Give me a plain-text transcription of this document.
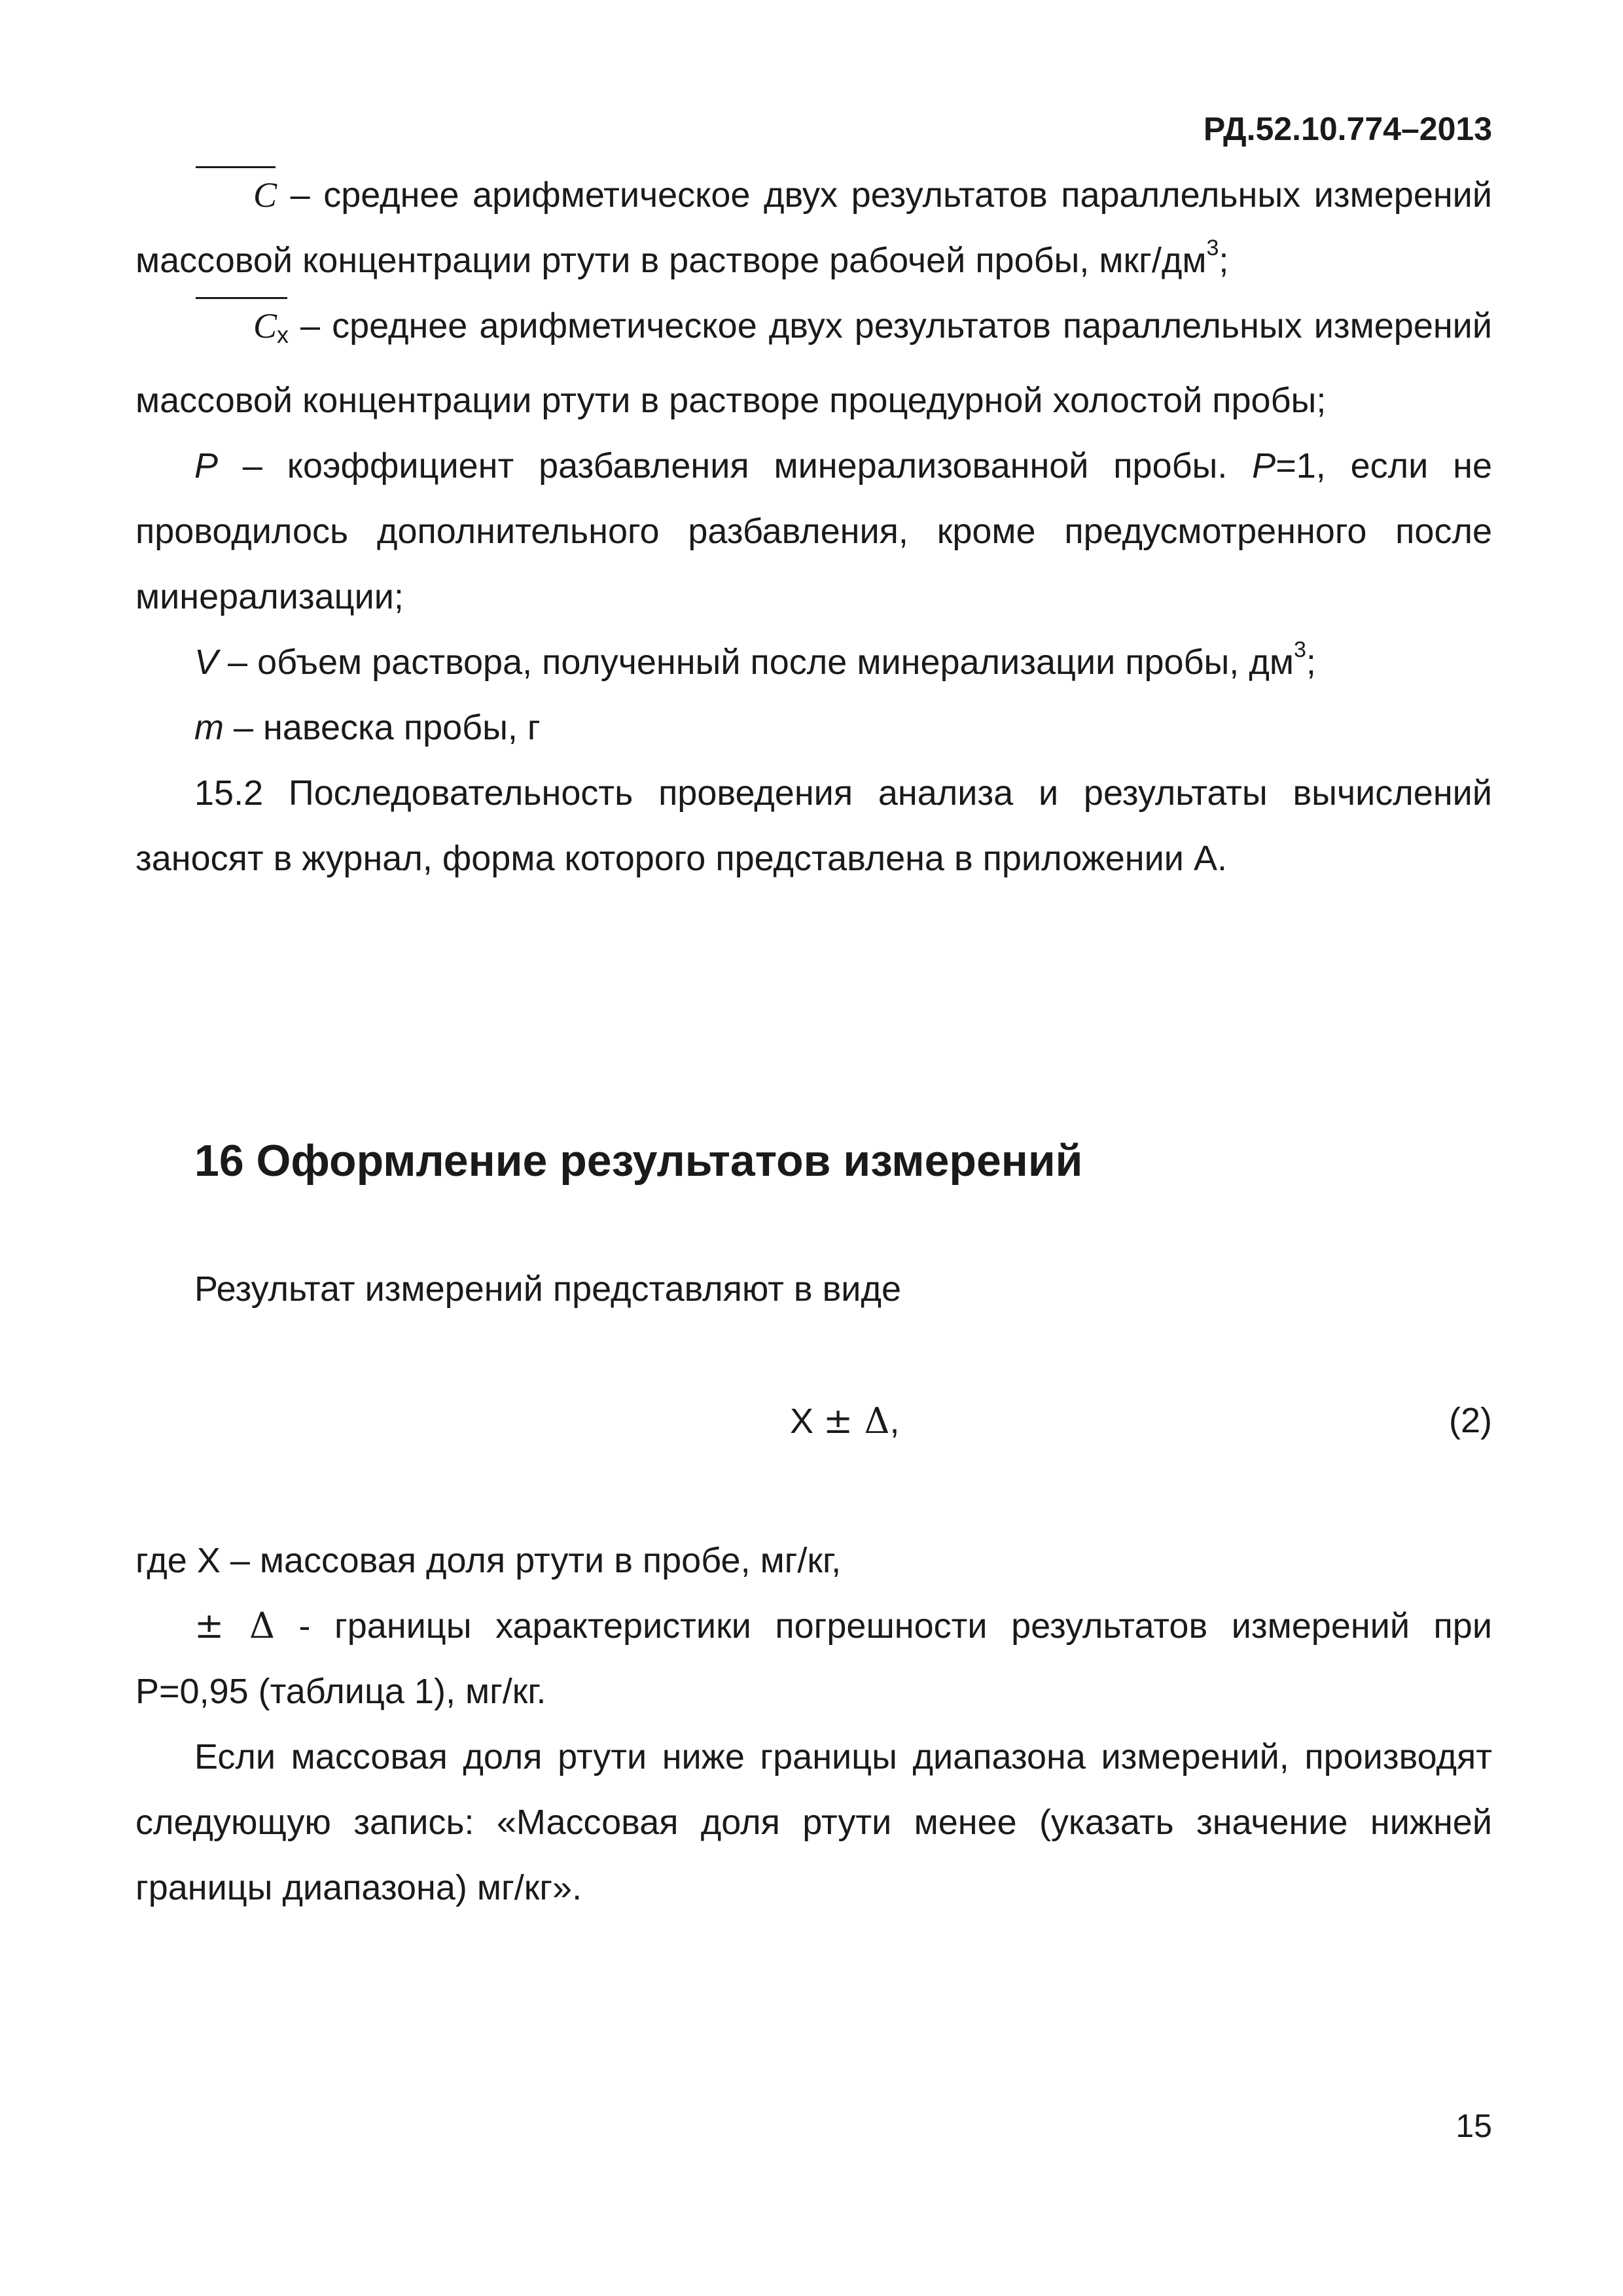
РД.52.10.774–2013

C – среднее арифметическое двух результатов параллельных измерений массовой концентрации ртути в растворе рабочей пробы, мкг/$дм^3$;

$C_x$ – среднее арифметическое двух результатов параллельных измерений массовой концентрации ртути в растворе процедурной холостой пробы;

P – коэффициент разбавления минерализованной пробы. P=1, если не проводилось дополнительного разбавления, кроме предусмотренного после минерализации;

V – объем раствора, полученный после минерализации пробы, $дм^3$;

m – навеска пробы, г

15.2 Последовательность проведения анализа и результаты вычислений заносят в журнал, форма которого представлена в приложении А.

16 Оформление результатов измерений

Результат измерений представляют в виде

X ± Δ,	(2)

где Х – массовая доля ртути в пробе, мг/кг,

± Δ - границы характеристики погрешности результатов измерений при Р=0,95 (таблица 1), мг/кг.

Если массовая доля ртути ниже границы диапазона измерений, производят следующую запись: «Массовая доля ртути менее (указать значение нижней границы диапазона) мг/кг».

15
